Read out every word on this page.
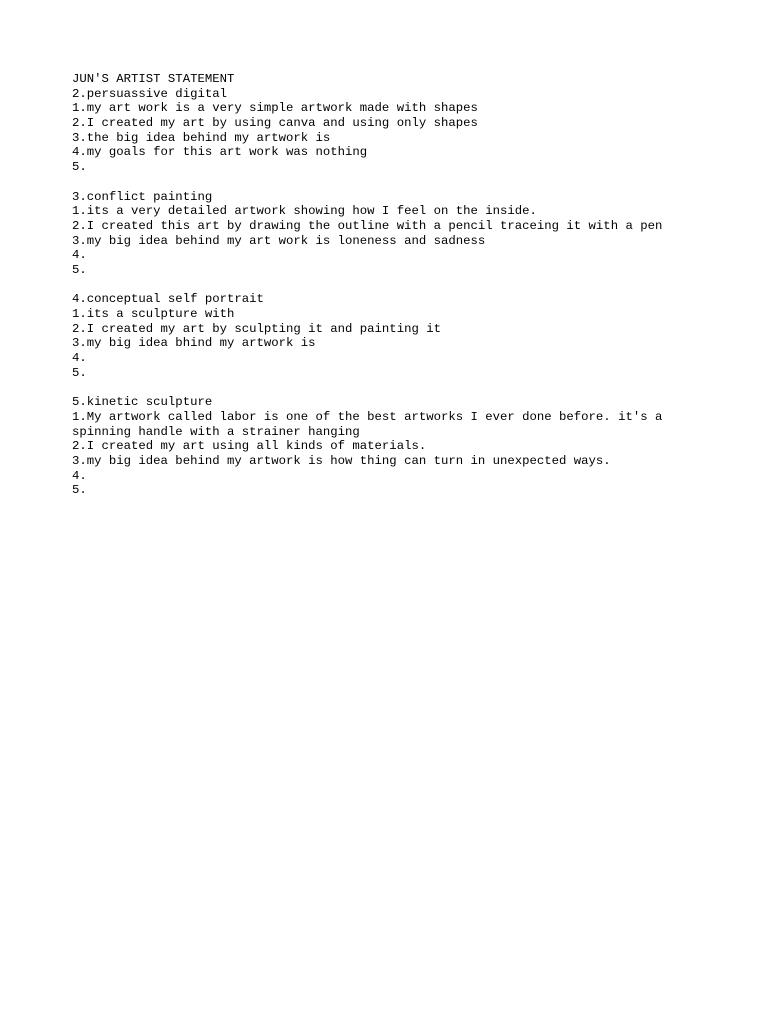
JUN'S ARTIST STATEMENT
2.persuassive digital
1.my art work is a very simple artwork made with shapes
2.I created my art by using canva and using only shapes
3.the big idea behind my artwork is
4.my goals for this art work was nothing
5.
3.conflict painting
1.its a very detailed artwork showing how I feel on the inside.
2.I created this art by drawing the outline with a pencil traceing it with a pen
3.my big idea behind my art work is loneness and sadness
4.
5.
4.conceptual self portrait
1.its a sculpture with
2.I created my art by sculpting it and painting it
3.my big idea bhind my artwork is
4.
5.
5.kinetic sculpture
1.My artwork called labor is one of the best artworks I ever done before. it's a
spinning handle with a strainer hanging
2.I created my art using all kinds of materials.
3.my big idea behind my artwork is how thing can turn in unexpected ways.
4.
5.
